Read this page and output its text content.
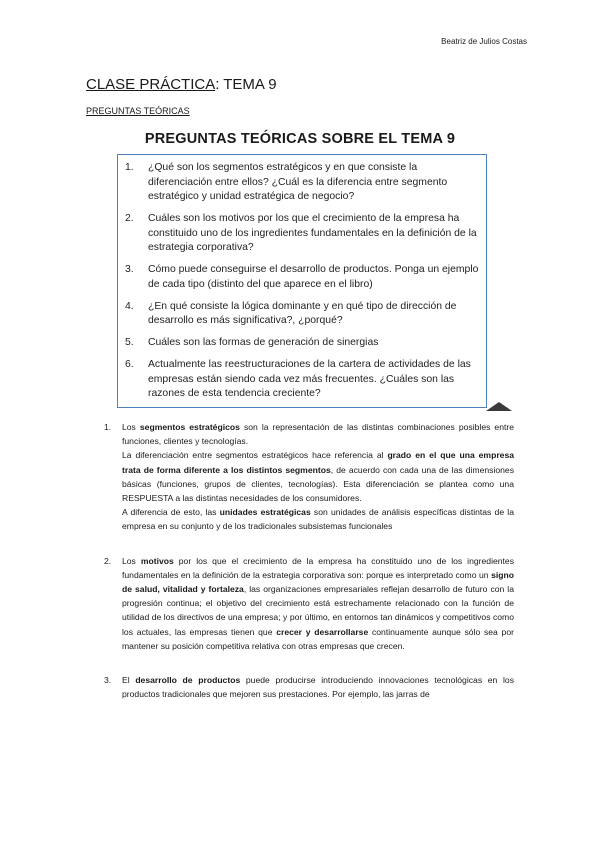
Beatriz de Julios Costas
CLASE PRÁCTICA: TEMA 9
PREGUNTAS TEÓRICAS
PREGUNTAS TEÓRICAS SOBRE EL TEMA 9
1.	¿Qué son los segmentos estratégicos y en que consiste la diferenciación entre ellos? ¿Cuál es la diferencia entre segmento estratégico y unidad estratégica de negocio?
2.	Cuáles son los motivos por los que el crecimiento de la empresa ha constituido uno de los ingredientes fundamentales en la definición de la estrategia corporativa?
3.	Cómo puede conseguirse el desarrollo de productos. Ponga un ejemplo de cada tipo (distinto del que aparece en el libro)
4.	¿En qué consiste la lógica dominante y en qué tipo de dirección de desarrollo es más significativa?, ¿porqué?
5.	Cuáles son las formas de generación de sinergias
6.	Actualmente las reestructuraciones de la cartera de actividades de las empresas están siendo cada vez más frecuentes. ¿Cuáles son las razones de esta tendencia creciente?
1.	Los segmentos estratégicos son la representación de las distintas combinaciones posibles entre funciones, clientes y tecnologías.

La diferenciación entre segmentos estratégicos hace referencia al grado en el que una empresa trata de forma diferente a los distintos segmentos, de acuerdo con cada una de las dimensiones básicas (funciones, grupos de clientes, tecnologías). Esta diferenciación se plantea como una RESPUESTA a las distintas necesidades de los consumidores.

A diferencia de esto, las unidades estratégicas son unidades de análisis específicas distintas de la empresa en su conjunto y de los tradicionales subsistemas funcionales

2.	Los motivos por los que el crecimiento de la empresa ha constituido uno de los ingredientes fundamentales en la definición de la estrategia corporativa son: porque es interpretado como un signo de salud, vitalidad y fortaleza, las organizaciones empresariales reflejan desarrollo de futuro con la progresión continua; el objetivo del crecimiento está estrechamente relacionado con la función de utilidad de los directivos de una empresa; y por último, en entornos tan dinámicos y competitivos como los actuales, las empresas tienen que crecer y desarrollarse continuamente aunque sólo sea por mantener su posición competitiva relativa con otras empresas que crecen.

3.	El desarrollo de productos puede producirse introduciendo innovaciones tecnológicas en los productos tradicionales que mejoren sus prestaciones. Por ejemplo, las jarras de
